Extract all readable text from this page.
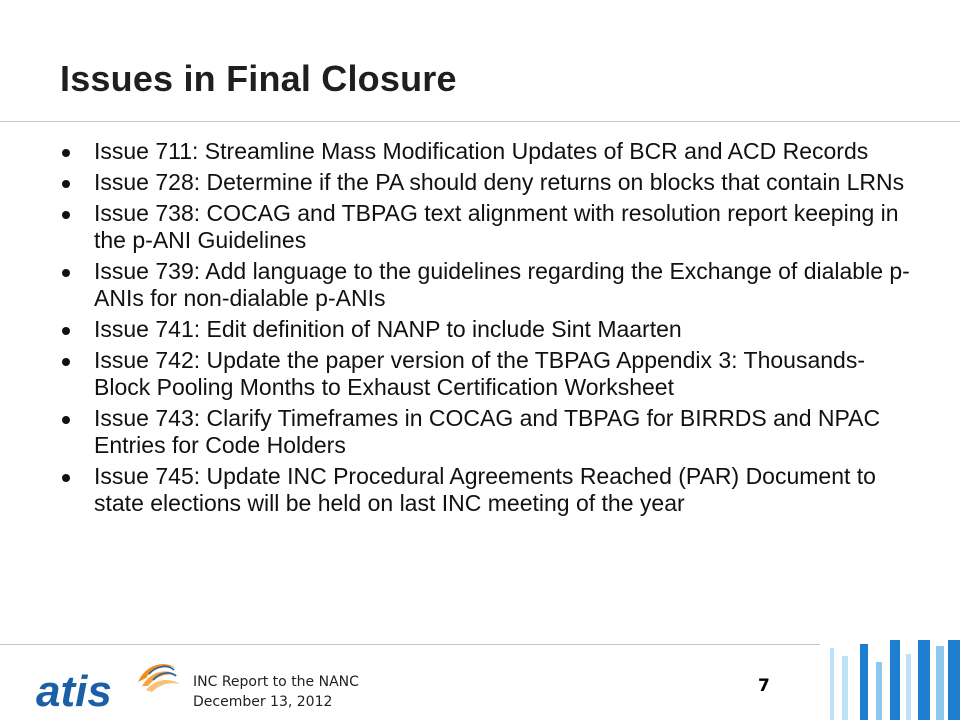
Issues in Final Closure
Issue 711: Streamline Mass Modification Updates of BCR and ACD Records
Issue 728: Determine if the PA should deny returns on blocks that contain LRNs
Issue 738: COCAG and TBPAG text alignment with resolution report keeping in the p-ANI Guidelines
Issue 739: Add language to the guidelines regarding the Exchange of dialable p-ANIs for non-dialable p-ANIs
Issue 741: Edit definition of NANP to include Sint Maarten
Issue 742: Update the paper version of the TBPAG Appendix 3: Thousands-Block Pooling Months to Exhaust Certification Worksheet
Issue 743: Clarify Timeframes in COCAG and TBPAG for BIRRDS and NPAC Entries for Code Holders
Issue 745: Update INC Procedural Agreements Reached (PAR) Document to state elections will be held on last INC meeting of the year
atis	INC Report to the NANC
December 13, 2012
7
